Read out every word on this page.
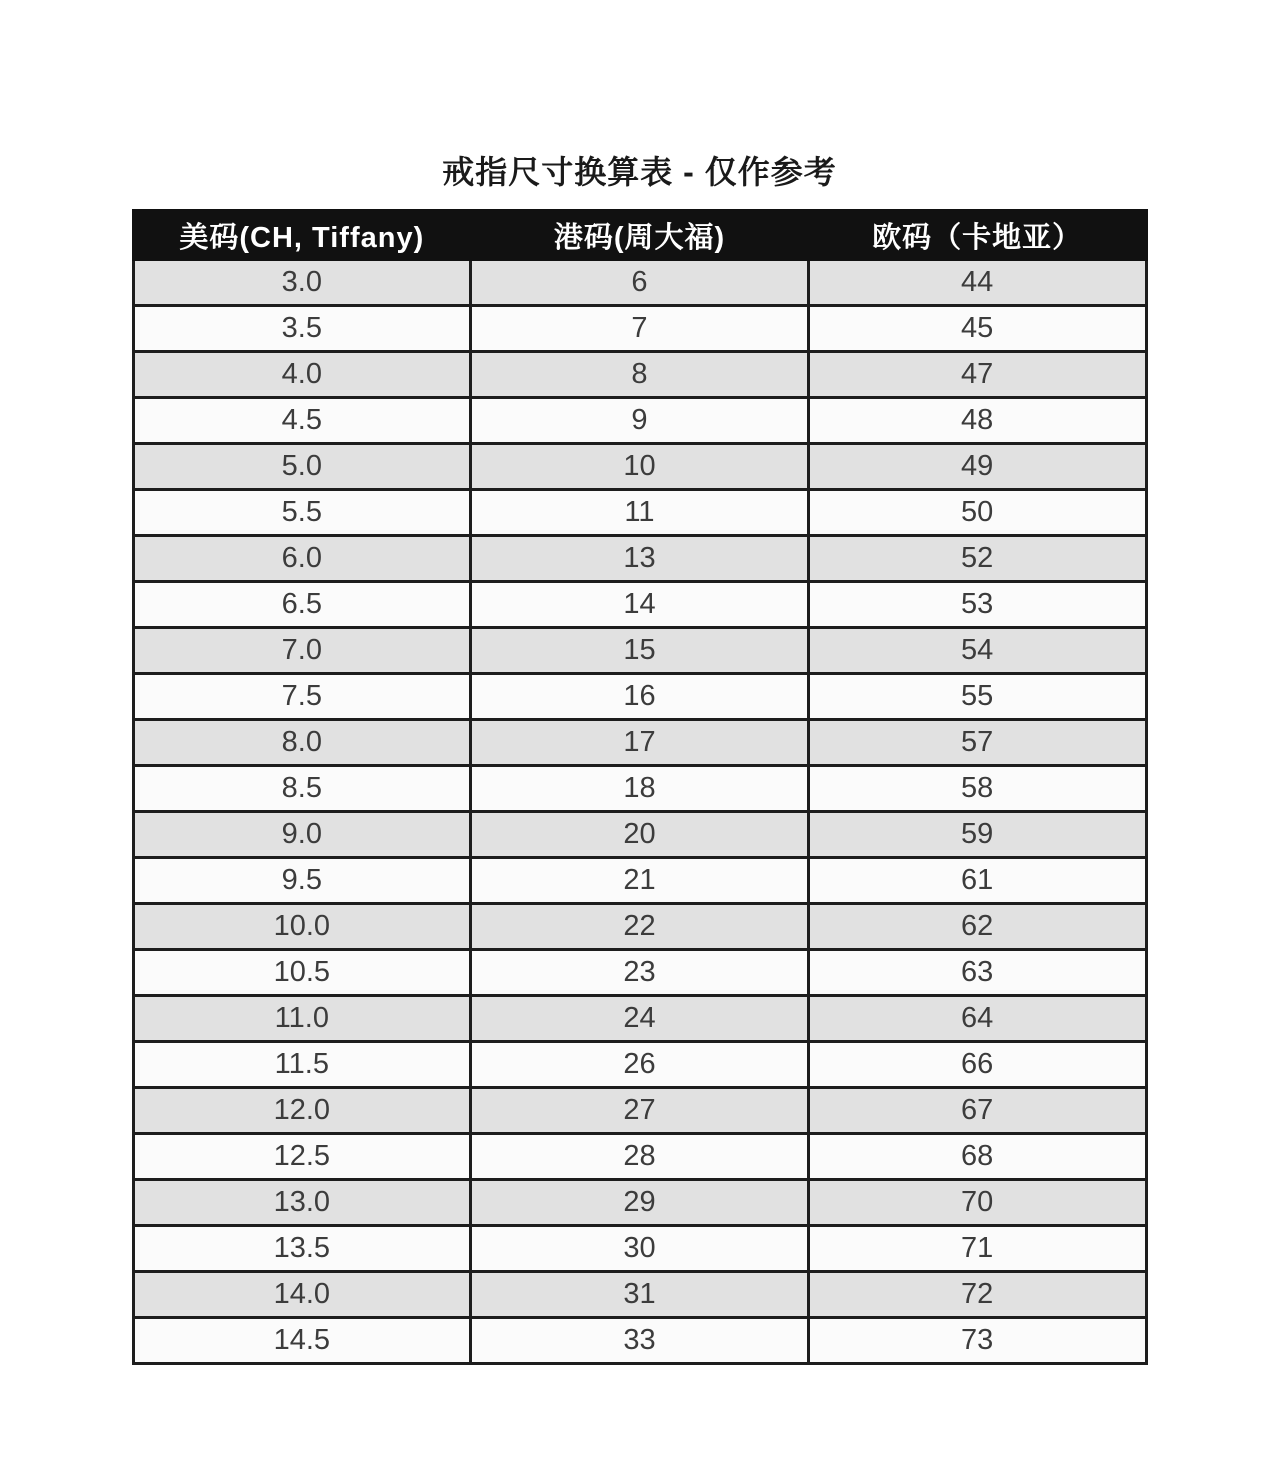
戒指尺寸换算表 - 仅作参考
美码(CH, Tiffany)	港码(周大福)	欧码（卡地亚）
3.0	6	44
3.5	7	45
4.0	8	47
4.5	9	48
5.0	10	49
5.5	11	50
6.0	13	52
6.5	14	53
7.0	15	54
7.5	16	55
8.0	17	57
8.5	18	58
9.0	20	59
9.5	21	61
10.0	22	62
10.5	23	63
11.0	24	64
11.5	26	66
12.0	27	67
12.5	28	68
13.0	29	70
13.5	30	71
14.0	31	72
14.5	33	73
